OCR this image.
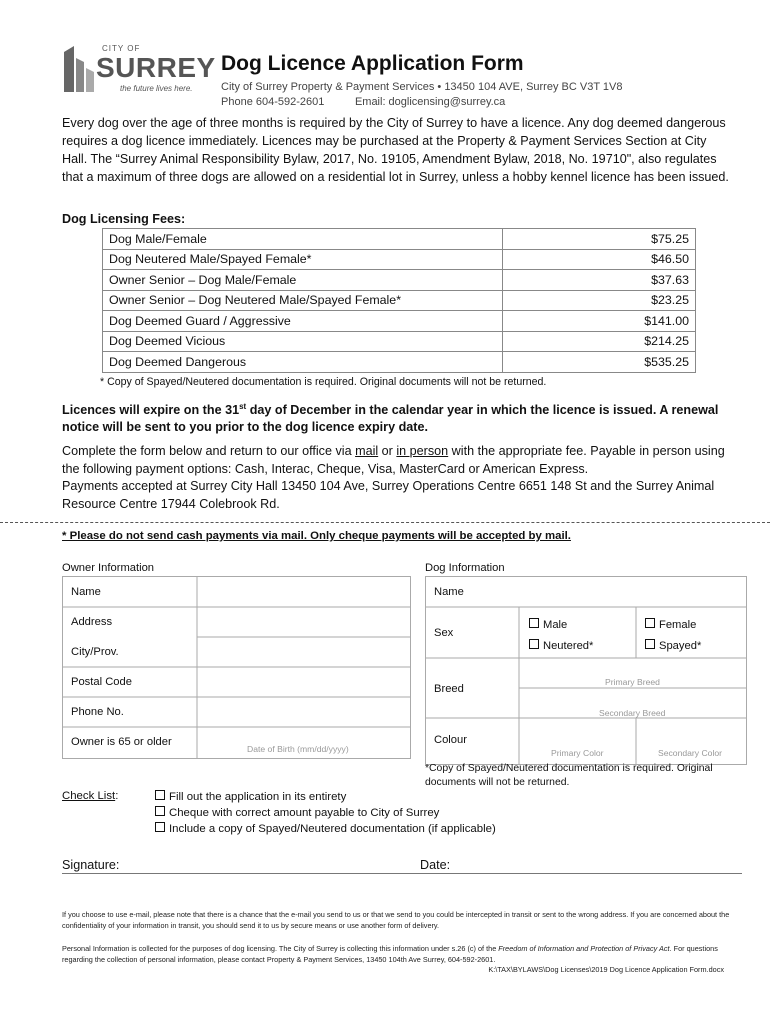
CITY OF
SURREY
the future lives here.
Dog Licence Application Form
City of Surrey Property & Payment Services • 13450 104 AVE, Surrey BC V3T 1V8
Phone 604-592-2601	Email: doglicensing@surrey.ca
Every dog over the age of three months is required by the City of Surrey to have a licence. Any dog deemed dangerous requires a dog licence immediately. Licences may be purchased at the Property & Payment Services Section at City Hall. The “Surrey Animal Responsibility Bylaw, 2017, No. 19105, Amendment Bylaw, 2018, No. 19710", also regulates that a maximum of three dogs are allowed on a residential lot in Surrey, unless a hobby kennel licence has been issued.
Dog Licensing Fees:
Dog Male/Female	$75.25
Dog Neutered Male/Spayed Female*	$46.50
Owner Senior – Dog Male/Female	$37.63
Owner Senior – Dog Neutered Male/Spayed Female*	$23.25
Dog Deemed Guard / Aggressive	$141.00
Dog Deemed Vicious	$214.25
Dog Deemed Dangerous	$535.25
* Copy of Spayed/Neutered documentation is required. Original documents will not be returned.
Licences will expire on the 31st day of December in the calendar year in which the licence is issued. A renewal notice will be sent to you prior to the dog licence expiry date.
Complete the form below and return to our office via mail or in person with the appropriate fee. Payable in person using the following payment options: Cash, Interac, Cheque, Visa, MasterCard or American Express.
Payments accepted at Surrey City Hall 13450 104 Ave, Surrey Operations Centre 6651 148 St and the Surrey Animal Resource Centre 17944 Colebrook Rd.
* Please do not send cash payments via mail. Only cheque payments will be accepted by mail.
Owner Information
Name
Address
City/Prov.
Postal Code
Phone No.
Owner is 65 or older
Date of Birth (mm/dd/yyyy)
Dog Information
Name
Sex
Male	Female
Neutered*	Spayed*
Breed
Primary Breed
Secondary Breed
Colour
Primary Color	Secondary Color
*Copy of Spayed/Neutered documentation is required. Original documents will not be returned.
Check List:	Fill out the application in its entirety
Cheque with correct amount payable to City of Surrey
Include a copy of Spayed/Neutered documentation (if applicable)
Signature:	Date:
If you choose to use e-mail, please note that there is a chance that the e-mail you send to us or that we send to you could be intercepted in transit or sent to the wrong address. If you are concerned about the confidentiality of your information in transit, you should send it to us by secure means or use another form of delivery.
Personal Information is collected for the purposes of dog licensing. The City of Surrey is collecting this information under s.26 (c) of the Freedom of Information and Protection of Privacy Act. For questions regarding the collection of personal information, please contact Property & Payment Services, 13450 104th Ave Surrey, 604-592-2601.
K:\TAX\BYLAWS\Dog Licenses\2019 Dog Licence Application Form.docx
